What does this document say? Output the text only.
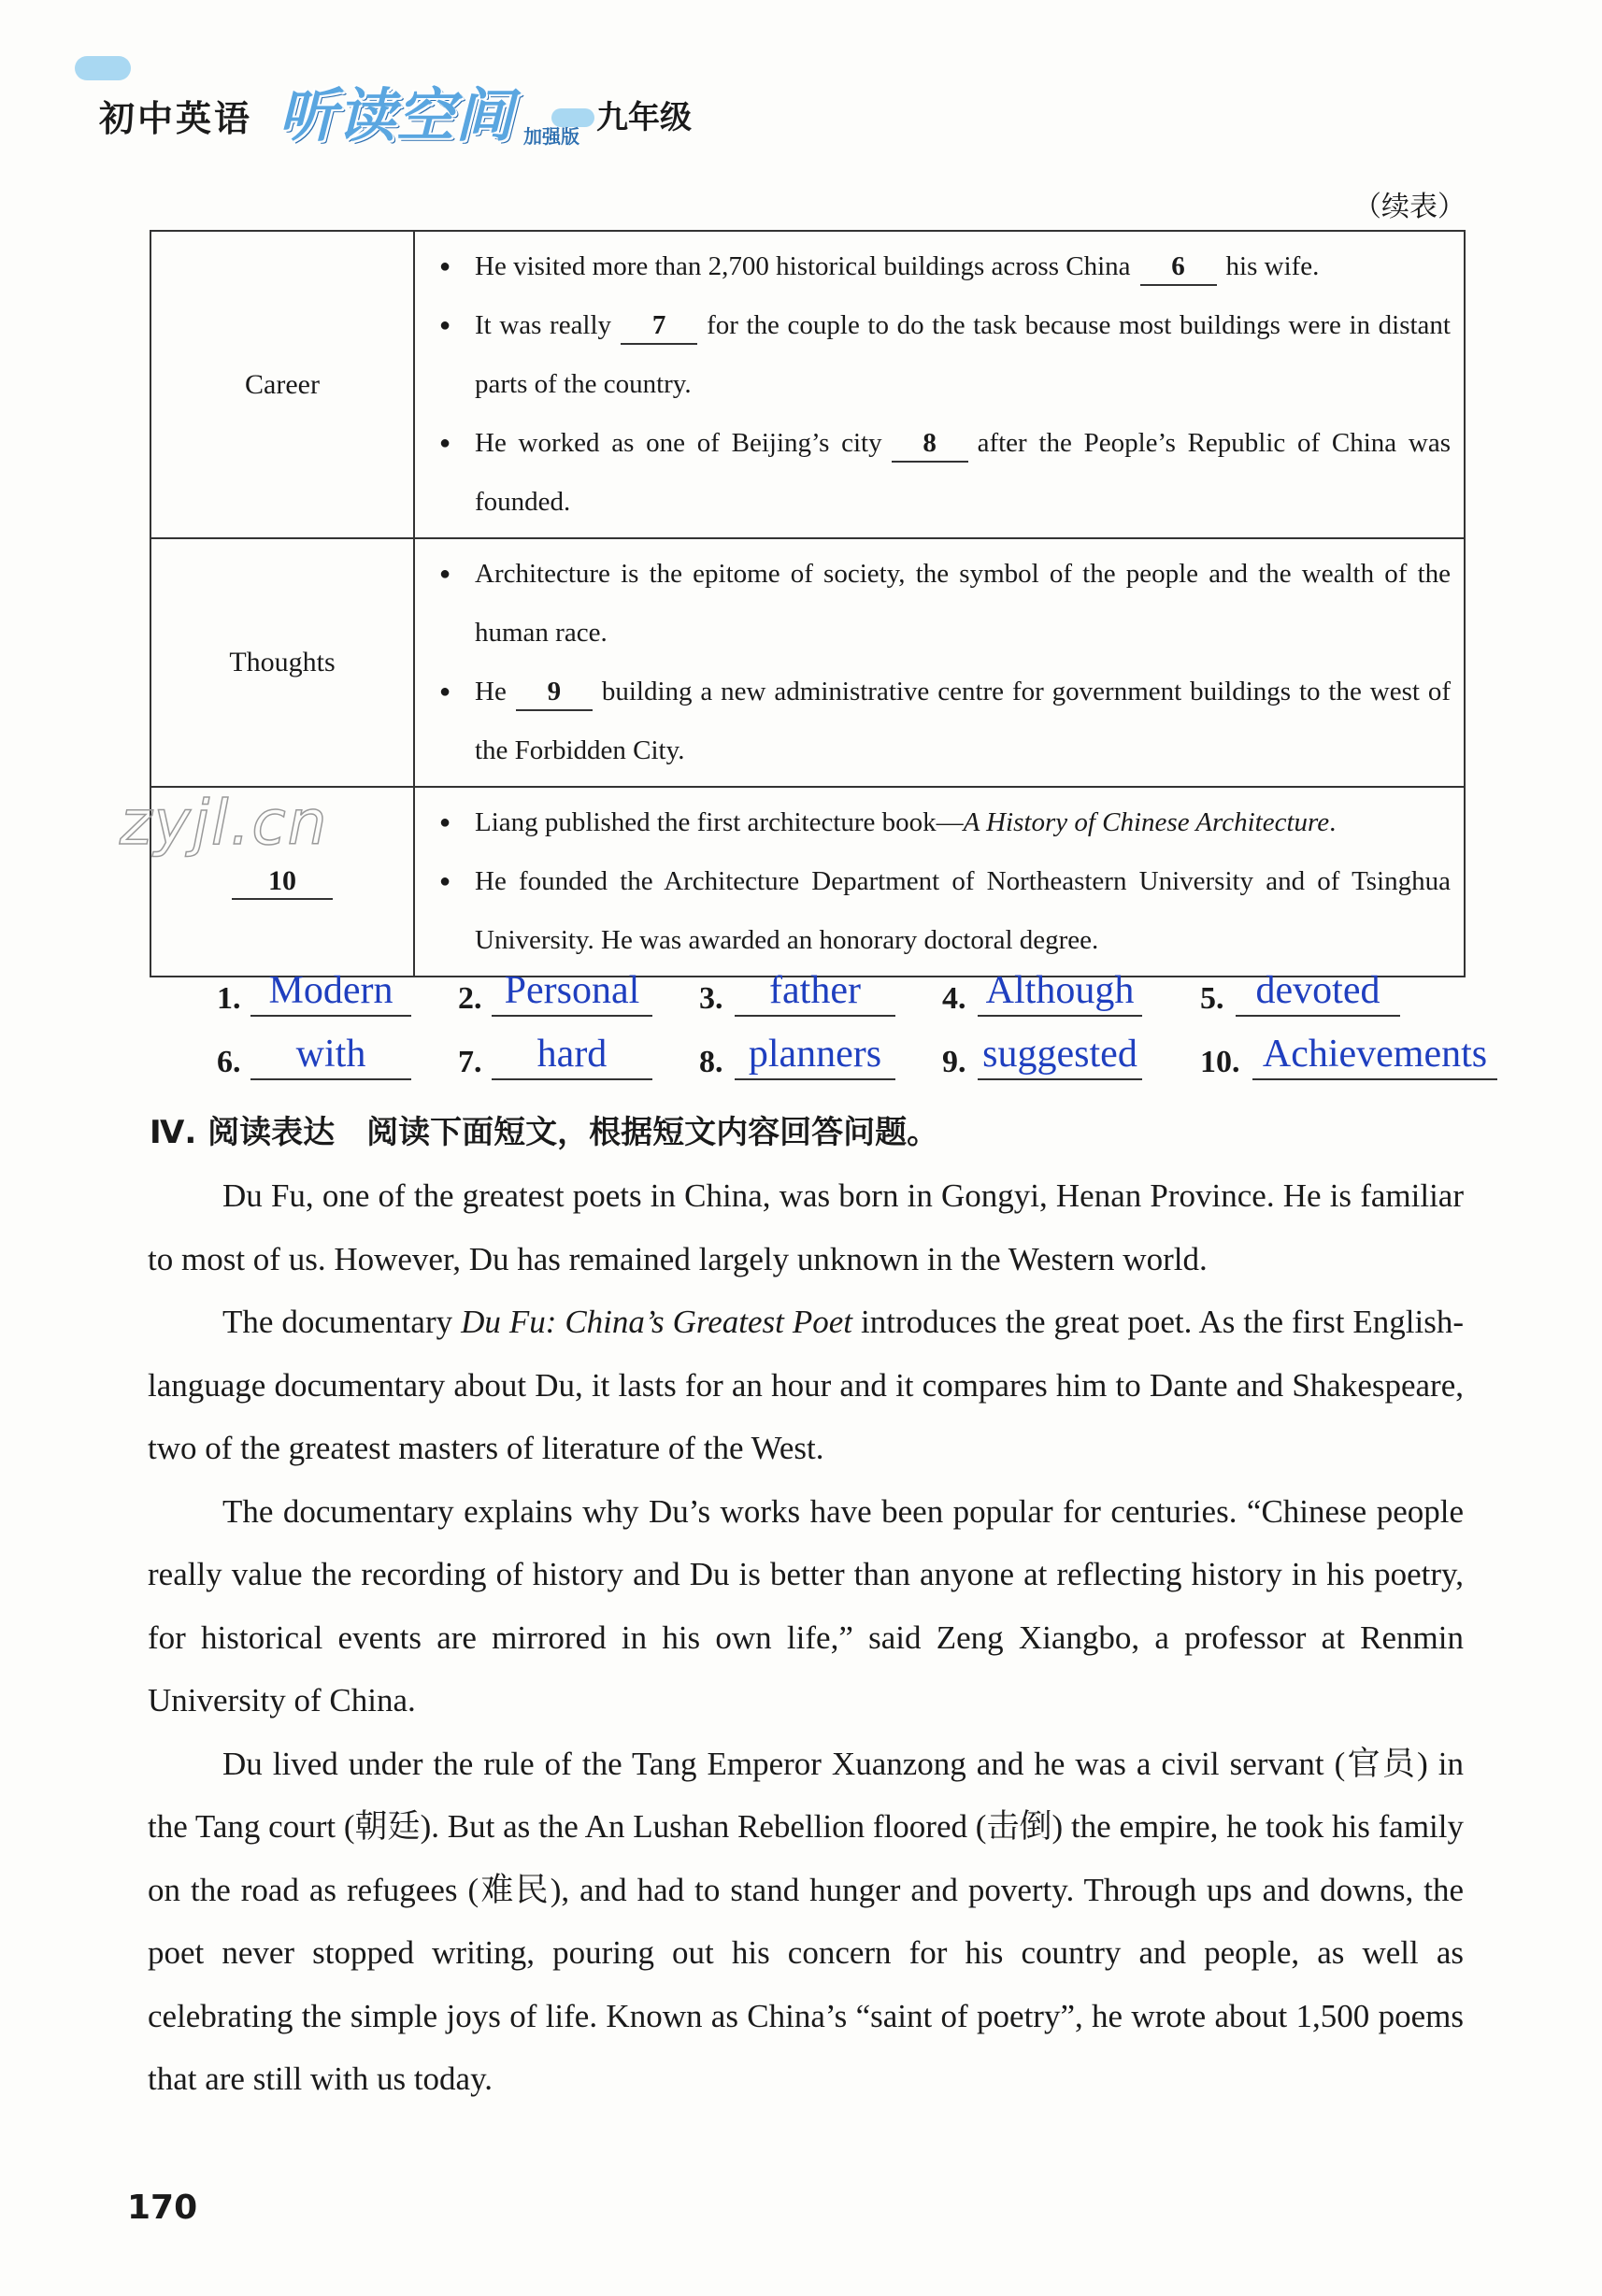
初中英语 听读空间 加强版 九年级
（续表）
Career	● He visited more than 2,700 historical buildings across China 6 his wife.
● It was really 7 for the couple to do the task because most buildings were in distant parts of the country.
● He worked as one of Beijing’s city 8 after the People’s Republic of China was founded.

Thoughts	● Architecture is the epitome of society, the symbol of the people and the wealth of the human race.
● He 9 building a new administrative centre for government buildings to the west of the Forbidden City.

10	● Liang published the first architecture book—A History of Chinese Architecture.
● He founded the Architecture Department of Northeastern University and of Tsinghua University. He was awarded an honorary doctoral degree.
zyjl.cn
1. Modern	2. Personal	3.	father	4. Although 5. devoted
6.	with	7.	hard	8. planners	9. suggested 10. Achievements
Ⅳ. 阅读表达　阅读下面短文，根据短文内容回答问题。

Du Fu, one of the greatest poets in China, was born in Gongyi, Henan Province. He is familiar to most of us. However, Du has remained largely unknown in the Western world.

The documentary Du Fu: China’s Greatest Poet introduces the great poet. As the first English-language documentary about Du, it lasts for an hour and it compares him to Dante and Shakespeare, two of the greatest masters of literature of the West.

The documentary explains why Du’s works have been popular for centuries. “Chinese people really value the recording of history and Du is better than anyone at reflecting history in his poetry, for historical events are mirrored in his own life,” said Zeng Xiangbo, a professor at Renmin University of China.

Du lived under the rule of the Tang Emperor Xuanzong and he was a civil servant (官员) in the Tang court (朝廷). But as the An Lushan Rebellion floored (击倒) the empire, he took his family on the road as refugees (难民), and had to stand hunger and poverty. Through ups and downs, the poet never stopped writing, pouring out his concern for his country and people, as well as celebrating the simple joys of life. Known as China’s “saint of poetry”, he wrote about 1,500 poems that are still with us today.

170
